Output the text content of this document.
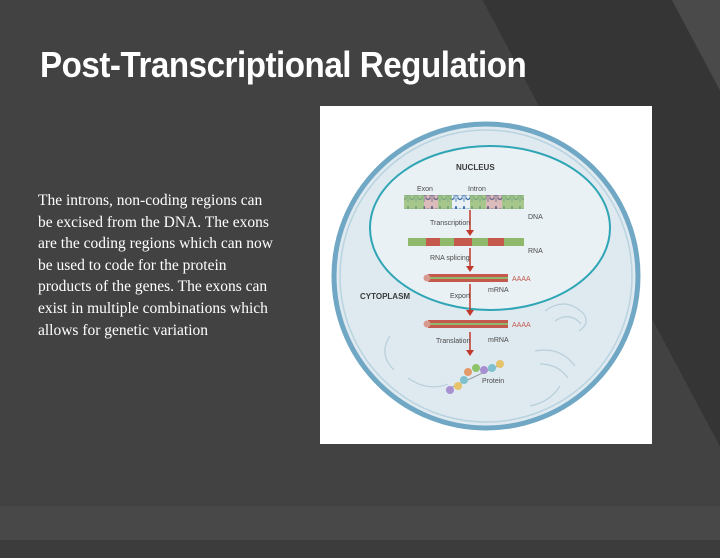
Post-Transcriptional Regulation

The introns, non-coding regions can be excised from the DNA. The exons are the coding regions which can now be used to code for the protein products of the genes. The exons can exist in multiple combinations which allows for genetic variation

NUCLEUS
Exon	Intron
DNA
Transcription
RNA
RNA splicing
AAAA
mRNA
CYTOPLASM	Export
AAAA
Translation	mRNA
Protein
